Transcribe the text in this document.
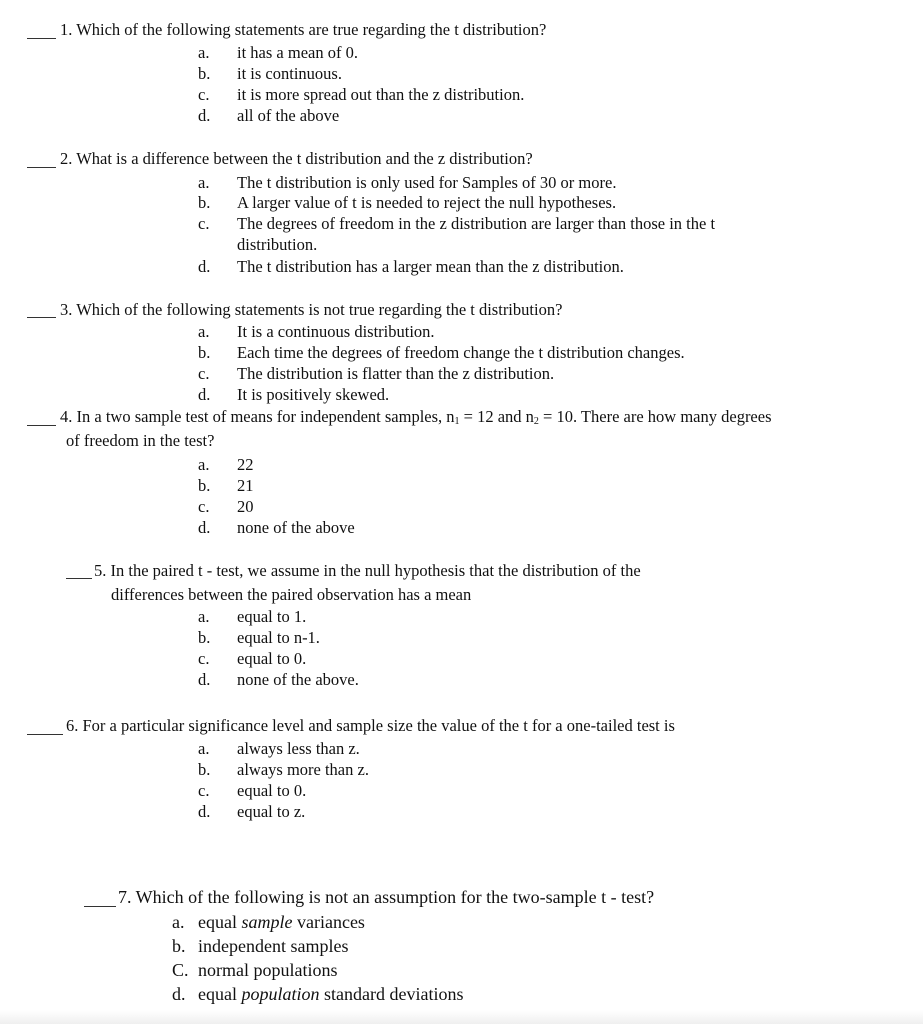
1. Which of the following statements are true regarding the t distribution?
a.	it has a mean of 0.
b.	it is continuous.
c.	it is more spread out than the z distribution.
d.	all of the above
2. What is a difference between the t distribution and the z distribution?
a.	The t distribution is only used for Samples of 30 or more.
b.	A larger value of t is needed to reject the null hypotheses.
c.	The degrees of freedom in the z distribution are larger than those in the t distribution.
d.	The t distribution has a larger mean than the z distribution.
3. Which of the following statements is not true regarding the t distribution?
a.	It is a continuous distribution.
b.	Each time the degrees of freedom change the t distribution changes.
c.	The distribution is flatter than the z distribution.
d.	It is positively skewed.
4. In a two sample test of means for independent samples, $n_1 = 12$ and $n_2 = 10$. There are how many degrees
of freedom in the test?
a.	22
b.	21
c.	20
d.	none of the above
5. In the paired t - test, we assume in the null hypothesis that the distribution of the
differences between the paired observation has a mean
a.	equal to 1.
b.	equal to n-1.
c.	equal to 0.
d.	none of the above.
6. For a particular significance level and sample size the value of the t for a one-tailed test is
a.	always less than z.
b.	always more than z.
c.	equal to 0.
d.	equal to z.
7. Which of the following is not an assumption for the two-sample t - test?
a. equal sample variances
b. independent samples
C. normal populations
d. equal population standard deviations
